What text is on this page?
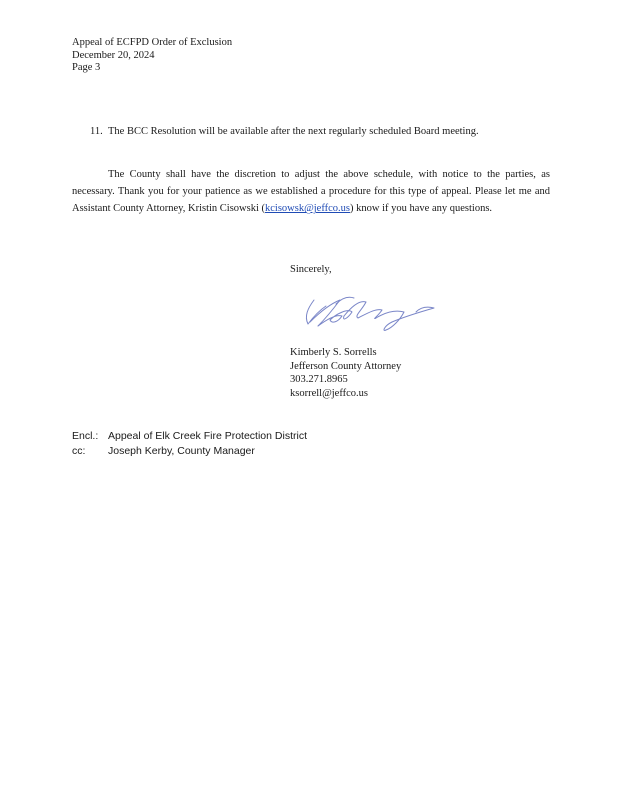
Appeal of ECFPD Order of Exclusion
December 20, 2024
Page 3
11. The BCC Resolution will be available after the next regularly scheduled Board meeting.
The County shall have the discretion to adjust the above schedule, with notice to the parties, as necessary. Thank you for your patience as we established a procedure for this type of appeal. Please let me and Assistant County Attorney, Kristin Cisowski (kcisowsk@jeffco.us) know if you have any questions.
Sincerely,
Kimberly S. Sorrells
Jefferson County Attorney
303.271.8965
ksorrell@jeffco.us
Encl.: Appeal of Elk Creek Fire Protection District
cc: Joseph Kerby, County Manager
